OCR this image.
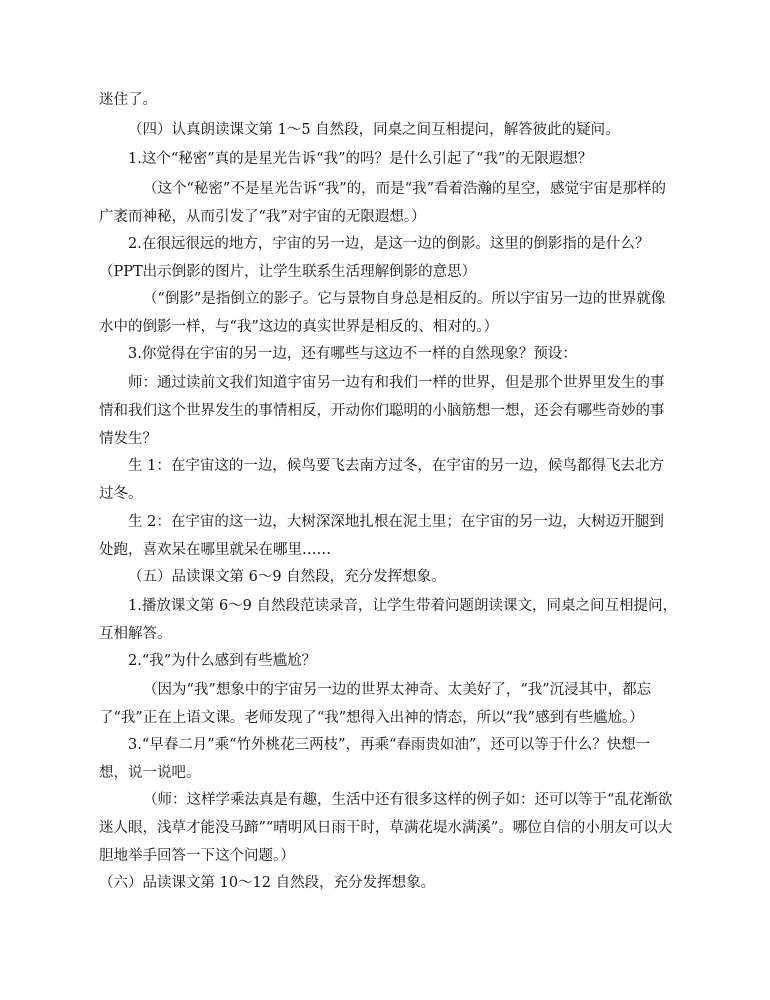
迷住了。

（四）认真朗读课文第 1～5 自然段，同桌之间互相提问，解答彼此的疑问。

1.这个“秘密”真的是星光告诉“我”的吗？是什么引起了“我”的无限遐想？

（这个“秘密”不是星光告诉“我”的，而是“我”看着浩瀚的星空，感觉宇宙是那样的广袤而神秘，从而引发了“我”对宇宙的无限遐想。）

2.在很远很远的地方，宇宙的另一边，是这一边的倒影。这里的倒影指的是什么？（PPT出示倒影的图片，让学生联系生活理解倒影的意思）

（“倒影”是指倒立的影子。它与景物自身总是相反的。所以宇宙另一边的世界就像水中的倒影一样，与“我”这边的真实世界是相反的、相对的。）

3.你觉得在宇宙的另一边，还有哪些与这边不一样的自然现象？预设：

师：通过读前文我们知道宇宙另一边有和我们一样的世界，但是那个世界里发生的事情和我们这个世界发生的事情相反，开动你们聪明的小脑筋想一想，还会有哪些奇妙的事情发生？

生 1：在宇宙这的一边，候鸟要飞去南方过冬，在宇宙的另一边，候鸟都得飞去北方过冬。

生 2：在宇宙的这一边，大树深深地扎根在泥土里；在宇宙的另一边，大树迈开腿到处跑，喜欢呆在哪里就呆在哪里……

（五）品读课文第 6～9 自然段，充分发挥想象。

1.播放课文第 6～9 自然段范读录音，让学生带着问题朗读课文，同桌之间互相提问，互相解答。

2.“我”为什么感到有些尴尬？

（因为“我”想象中的宇宙另一边的世界太神奇、太美好了，“我”沉浸其中，都忘了“我”正在上语文课。老师发现了“我”想得入出神的情态，所以“我”感到有些尴尬。）

3.“早春二月”乘“竹外桃花三两枝”，再乘“春雨贵如油”，还可以等于什么？快想一想，说一说吧。

（师：这样学乘法真是有趣，生活中还有很多这样的例子如：还可以等于“乱花渐欲迷人眼，浅草才能没马蹄”“晴明风日雨干时，草满花堤水满溪”。哪位自信的小朋友可以大胆地举手回答一下这个问题。）

（六）品读课文第 10～12 自然段，充分发挥想象。
